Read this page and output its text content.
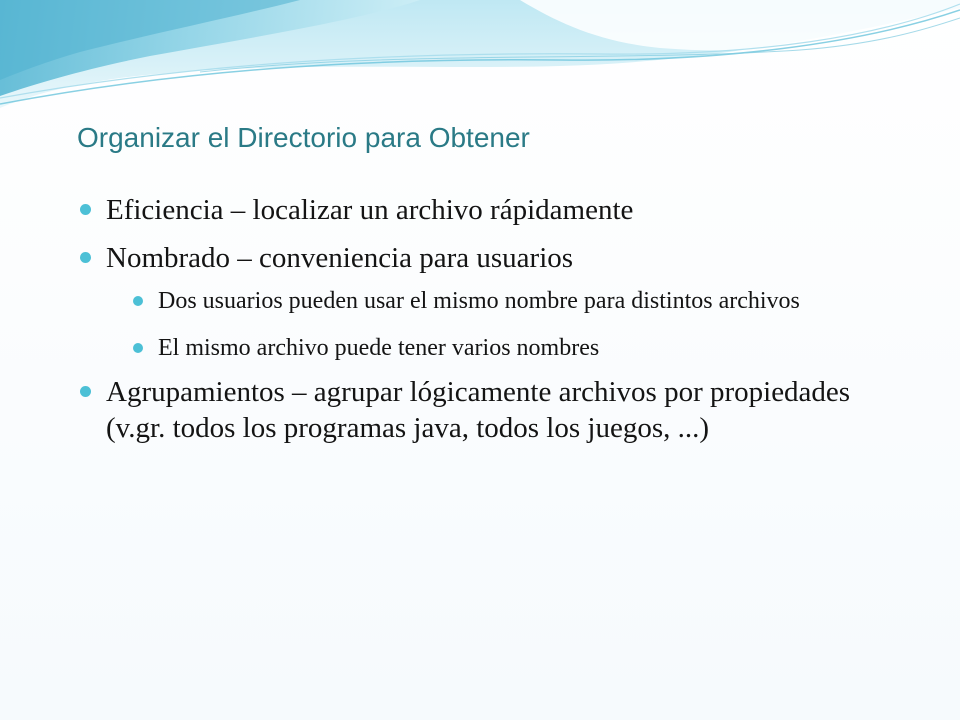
Organizar el Directorio para Obtener
Eficiencia – localizar un archivo rápidamente
Nombrado – conveniencia para usuarios
Dos usuarios pueden usar el mismo nombre para distintos archivos
El mismo archivo puede tener varios nombres
Agrupamientos – agrupar lógicamente archivos por propiedades (v.gr. todos los programas java, todos los juegos, ...)
